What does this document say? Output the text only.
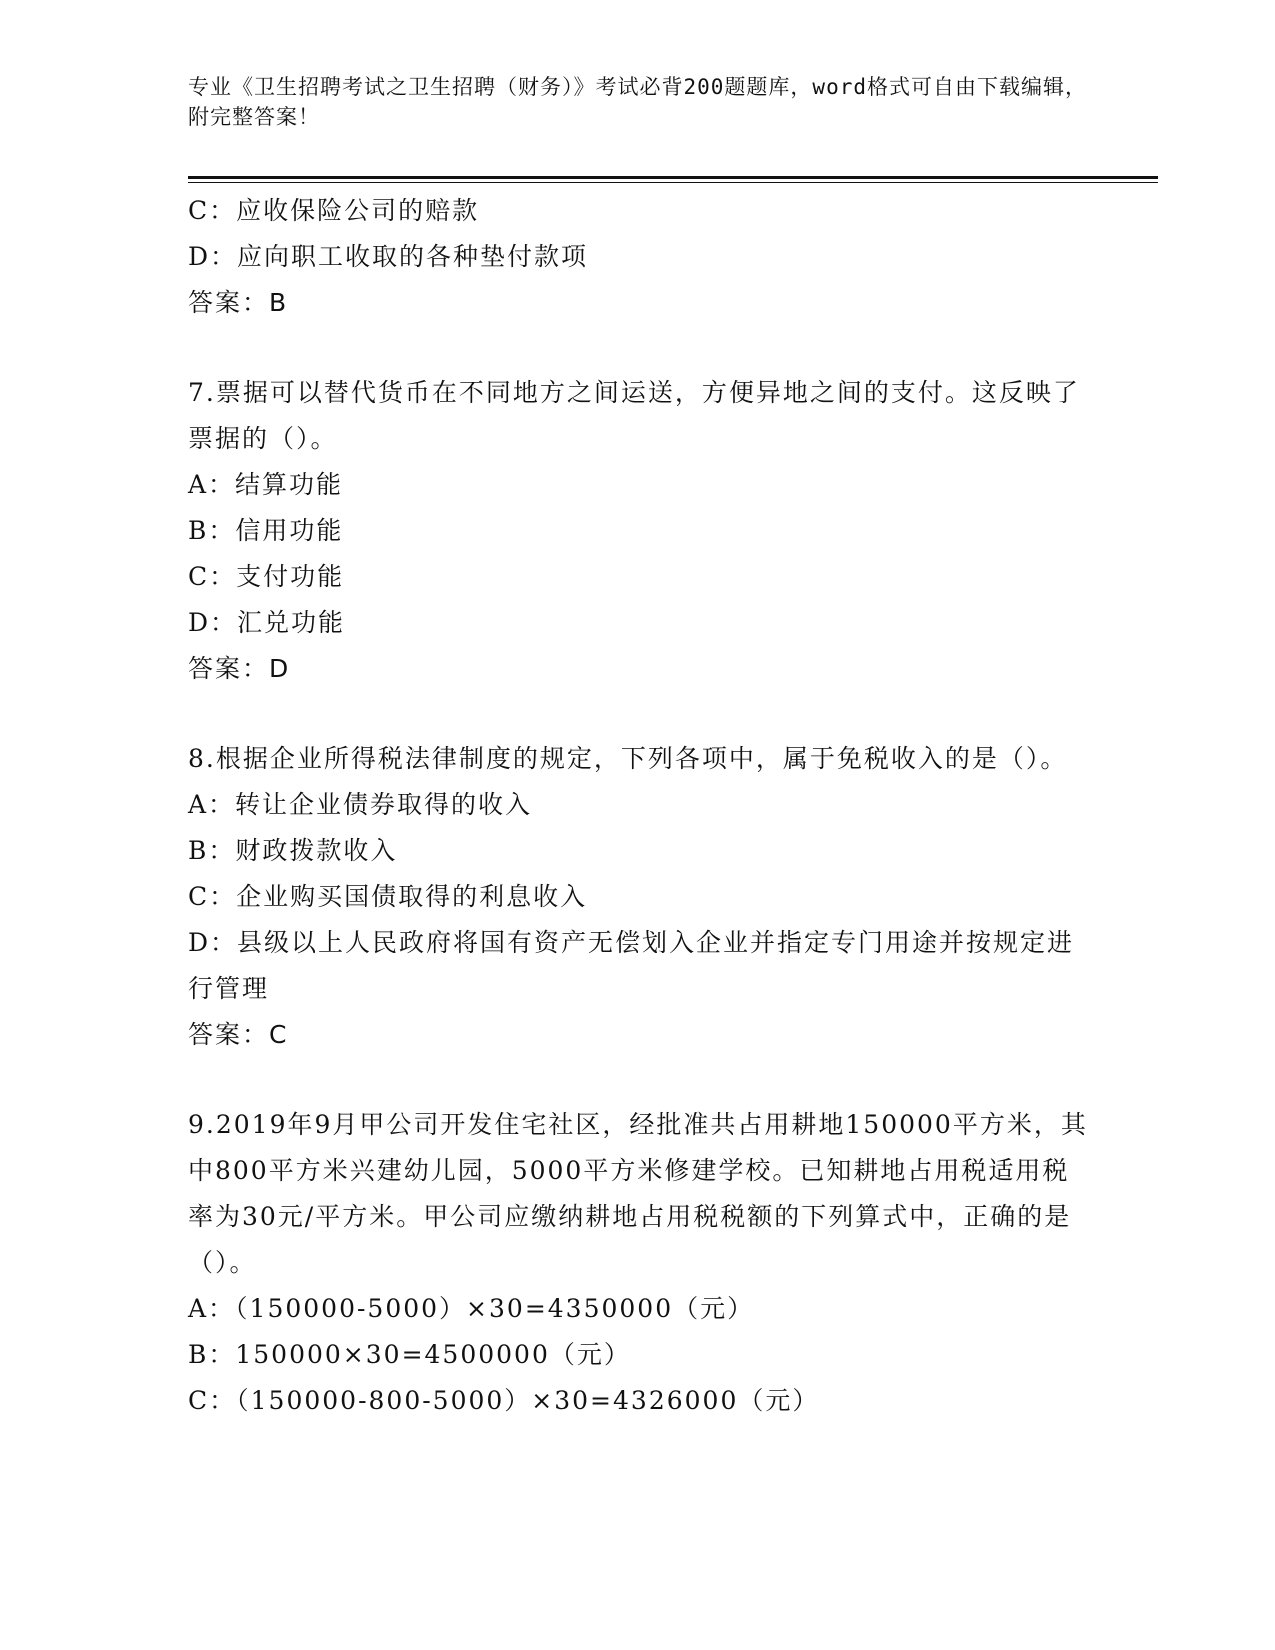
专业《卫生招聘考试之卫生招聘（财务）》考试必背200题题库，word格式可自由下载编辑，附完整答案！

C：应收保险公司的赔款

D：应向职工收取的各种垫付款项

答案：B

7.票据可以替代货币在不同地方之间运送，方便异地之间的支付。这反映了票据的（）。

A：结算功能

B：信用功能

C：支付功能

D：汇兑功能

答案：D

8.根据企业所得税法律制度的规定，下列各项中，属于免税收入的是（）。

A：转让企业债券取得的收入

B：财政拨款收入

C：企业购买国债取得的利息收入

D：县级以上人民政府将国有资产无偿划入企业并指定专门用途并按规定进行管理

答案：C

9.2019年9月甲公司开发住宅社区，经批准共占用耕地150000平方米，其中800平方米兴建幼儿园，5000平方米修建学校。已知耕地占用税适用税率为30元/平方米。甲公司应缴纳耕地占用税税额的下列算式中，正确的是（）。

A：（150000-5000）×30=4350000（元）

B：150000×30=4500000（元）

C：（150000-800-5000）×30=4326000（元）
